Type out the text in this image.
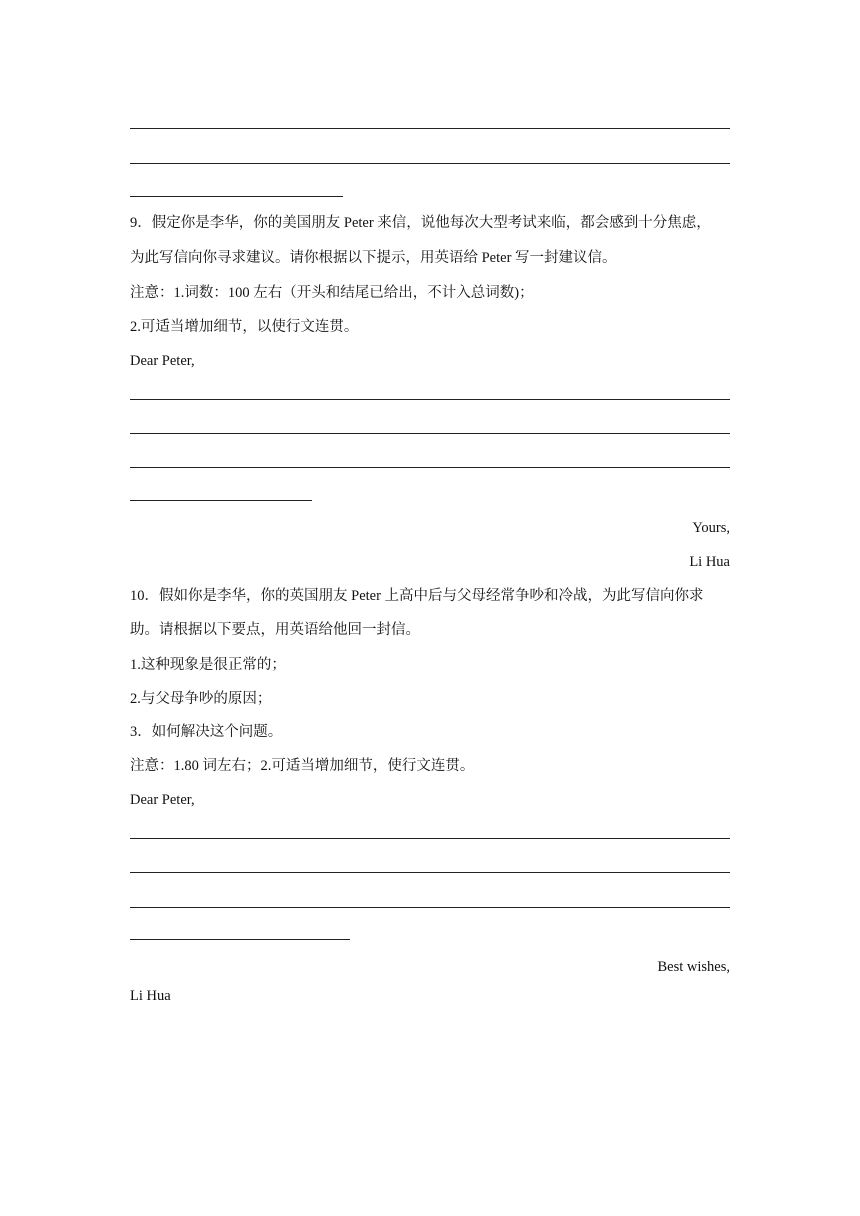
9．假定你是李华，你的美国朋友 Peter 来信，说他每次大型考试来临，都会感到十分焦虑，
为此写信向你寻求建议。请你根据以下提示，用英语给 Peter 写一封建议信。
注意：1.词数：100 左右（开头和结尾已给出，不计入总词数)；
2.可适当增加细节，以使行文连贯。
Dear Peter,
Yours,
Li Hua
10．假如你是李华，你的英国朋友 Peter 上高中后与父母经常争吵和冷战，为此写信向你求
助。请根据以下要点，用英语给他回一封信。
1.这种现象是很正常的；
2.与父母争吵的原因；
3．如何解决这个问题。
注意：1.80 词左右；2.可适当增加细节，使行文连贯。
Dear Peter,
Best wishes,
Li Hua
